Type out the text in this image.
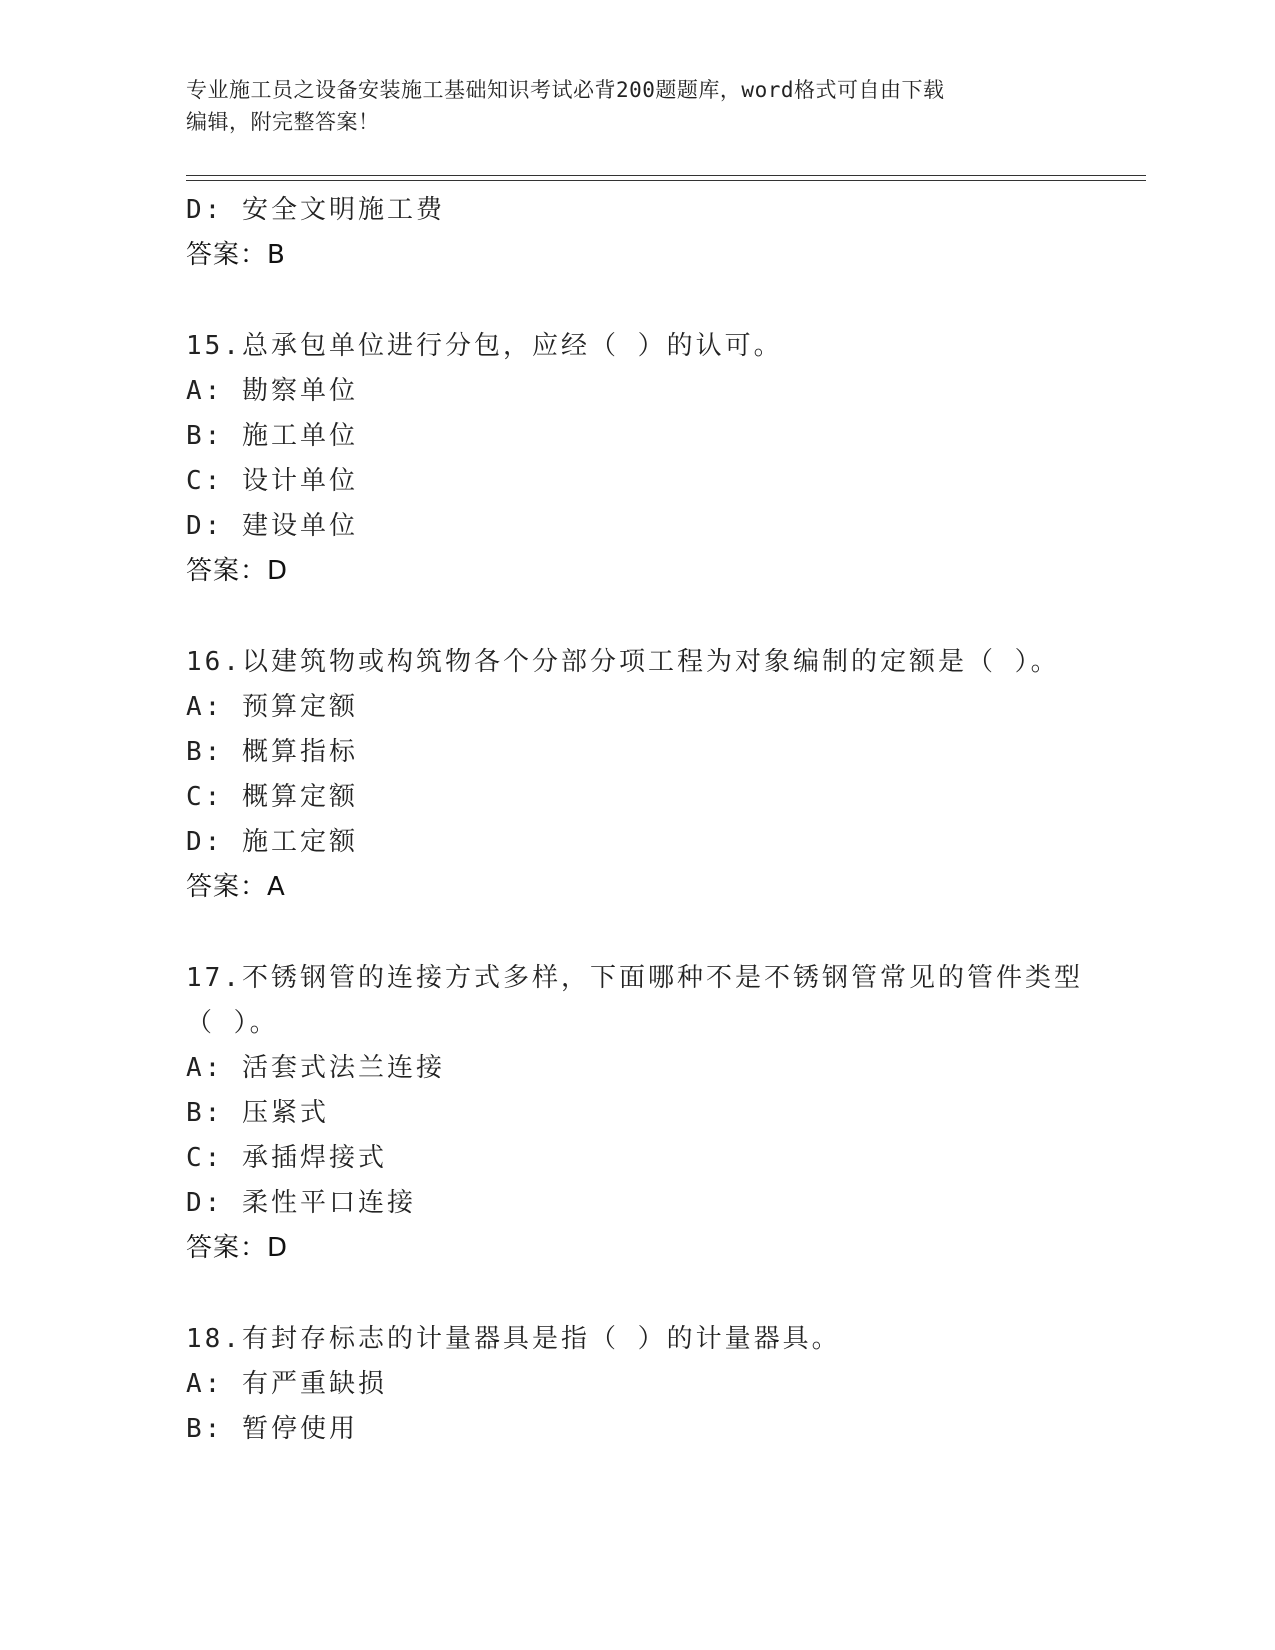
专业施工员之设备安装施工基础知识考试必背200题题库，word格式可自由下载
编辑，附完整答案！
D: 安全文明施工费
答案：B
15.总承包单位进行分包，应经（ ）的认可。
A: 勘察单位
B: 施工单位
C: 设计单位
D: 建设单位
答案：D
16.以建筑物或构筑物各个分部分项工程为对象编制的定额是（ ）。
A: 预算定额
B: 概算指标
C: 概算定额
D: 施工定额
答案：A
17.不锈钢管的连接方式多样，下面哪种不是不锈钢管常见的管件类型
（ ）。
A: 活套式法兰连接
B: 压紧式
C: 承插焊接式
D: 柔性平口连接
答案：D
18.有封存标志的计量器具是指（ ）的计量器具。
A: 有严重缺损
B: 暂停使用
